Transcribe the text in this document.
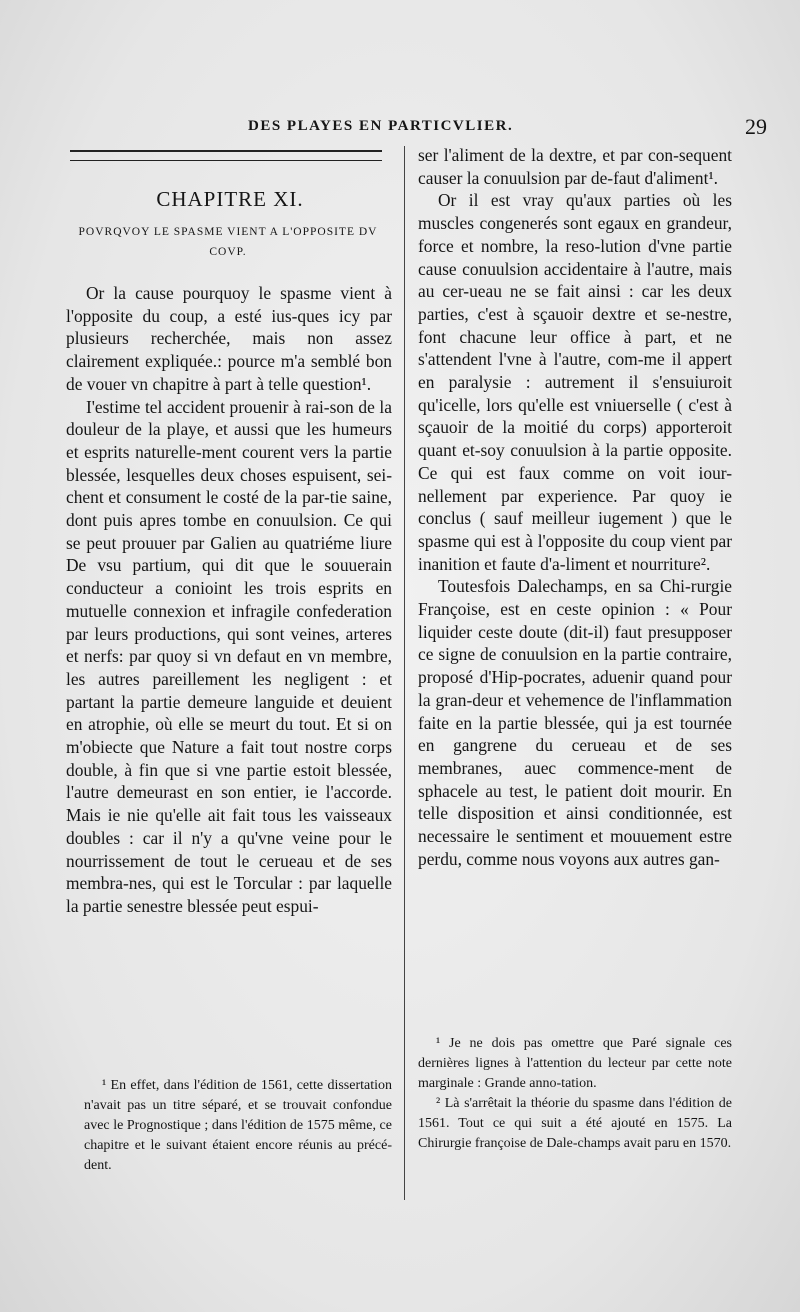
DES PLAYES EN PARTICVLIER.	29
CHAPITRE XI.
POVRQVOY LE SPASME VIENT A L'OPPOSITE DV COVP.

Or la cause pourquoy le spasme vient à l'opposite du coup, a esté ius-ques icy par plusieurs recherchée, mais non assez clairement expliquée.: pource m'a semblé bon de vouer vn chapitre à part à telle question¹.

I'estime tel accident prouenir à rai-son de la douleur de la playe, et aussi que les humeurs et esprits naturelle-ment courent vers la partie blessée, lesquelles deux choses espuisent, sei-chent et consument le costé de la par-tie saine, dont puis apres tombe en conuulsion. Ce qui se peut prouuer par Galien au quatriéme liure De vsu partium, qui dit que le souuerain conducteur a conioint les trois esprits en mutuelle connexion et infragile confederation par leurs productions, qui sont veines, arteres et nerfs: par quoy si vn defaut en vn membre, les autres pareillement les negligent : et partant la partie demeure languide et deuient en atrophie, où elle se meurt du tout. Et si on m'obiecte que Nature a fait tout nostre corps double, à fin que si vne partie estoit blessée, l'autre demeurast en son entier, ie l'accorde. Mais ie nie qu'elle ait fait tous les vaisseaux doubles : car il n'y a qu'vne veine pour le nourrissement de tout le cerueau et de ses membra-nes, qui est le Torcular : par laquelle la partie senestre blessée peut espui-

¹ En effet, dans l'édition de 1561, cette dissertation n'avait pas un titre séparé, et se trouvait confondue avec le Prognostique ; dans l'édition de 1575 même, ce chapitre et le suivant étaient encore réunis au précé-dent.

ser l'aliment de la dextre, et par con-sequent causer la conuulsion par de-faut d'aliment¹.

Or il est vray qu'aux parties où les muscles congenerés sont egaux en grandeur, force et nombre, la reso-lution d'vne partie cause conuulsion accidentaire à l'autre, mais au cer-ueau ne se fait ainsi : car les deux parties, c'est à sçauoir dextre et se-nestre, font chacune leur office à part, et ne s'attendent l'vne à l'autre, com-me il appert en paralysie : autrement il s'ensuiuroit qu'icelle, lors qu'elle est vniuerselle ( c'est à sçauoir de la moitié du corps) apporteroit quant et-soy conuulsion à la partie opposite. Ce qui est faux comme on voit iour-nellement par experience. Par quoy ie conclus ( sauf meilleur iugement ) que le spasme qui est à l'opposite du coup vient par inanition et faute d'a-liment et nourriture².

Toutesfois Dalechamps, en sa Chi-rurgie Françoise, est en ceste opinion : « Pour liquider ceste doute (dit-il) faut presupposer ce signe de conuulsion en la partie contraire, proposé d'Hip-pocrates, aduenir quand pour la gran-deur et vehemence de l'inflammation faite en la partie blessée, qui ja est tournée en gangrene du cerueau et de ses membranes, auec commence-ment de sphacele au test, le patient doit mourir. En telle disposition et ainsi conditionnée, est necessaire le sentiment et mouuement estre perdu, comme nous voyons aux autres gan-

¹ Je ne dois pas omettre que Paré signale ces dernières lignes à l'attention du lecteur par cette note marginale : Grande anno-tation.

² Là s'arrêtait la théorie du spasme dans l'édition de 1561. Tout ce qui suit a été ajouté en 1575. La Chirurgie françoise de Dale-champs avait paru en 1570.
